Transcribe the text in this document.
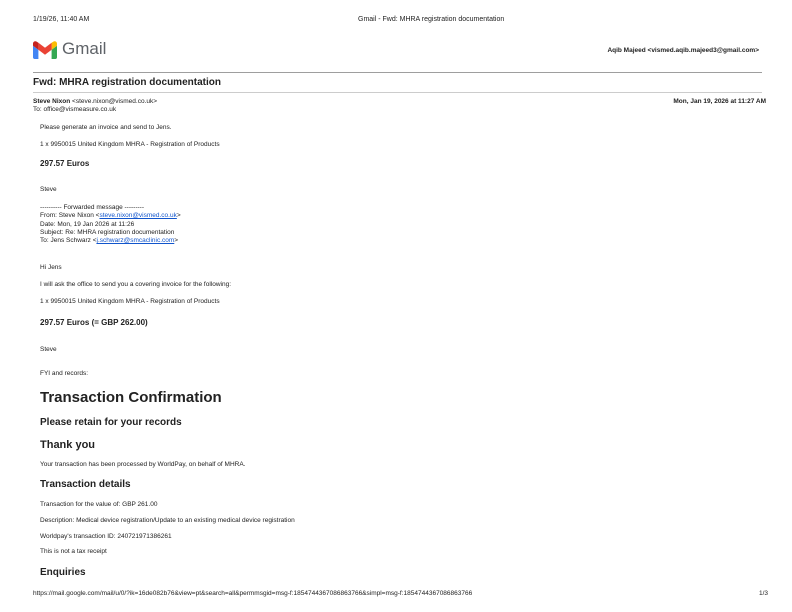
1/19/26, 11:40 AM	Gmail - Fwd: MHRA registration documentation
Gmail	Aqib Majeed <vismed.aqib.majeed3@gmail.com>
Fwd: MHRA registration documentation
Steve Nixon <steve.nixon@vismed.co.uk>	Mon, Jan 19, 2026 at 11:27 AM
To: office@vismeasure.co.uk
Please generate an invoice and send to Jens.
1 x 9950015 United Kingdom MHRA - Registration of Products
297.57 Euros
Steve
---------- Forwarded message ---------
From: Steve Nixon <steve.nixon@vismed.co.uk>
Date: Mon, 19 Jan 2026 at 11:26
Subject: Re: MHRA registration documentation
To: Jens Schwarz <j.schwarz@smcaclinic.com>
Hi Jens
I will ask the office to send you a covering invoice for the following:
1 x 9950015 United Kingdom MHRA - Registration of Products
297.57 Euros (= GBP 262.00)
Steve
FYI and records:
Transaction Confirmation
Please retain for your records
Thank you
Your transaction has been processed by WorldPay, on behalf of MHRA.
Transaction details
Transaction for the value of: GBP 261.00
Description: Medical device registration/Update to an existing medical device registration
Worldpay's transaction ID: 240721971386261
This is not a tax receipt
Enquiries
https://mail.google.com/mail/u/0/?ik=16de082b76&view=pt&search=all&permmsgid=msg-f:1854744367086863766&simpl=msg-f:1854744367086863766	1/3
